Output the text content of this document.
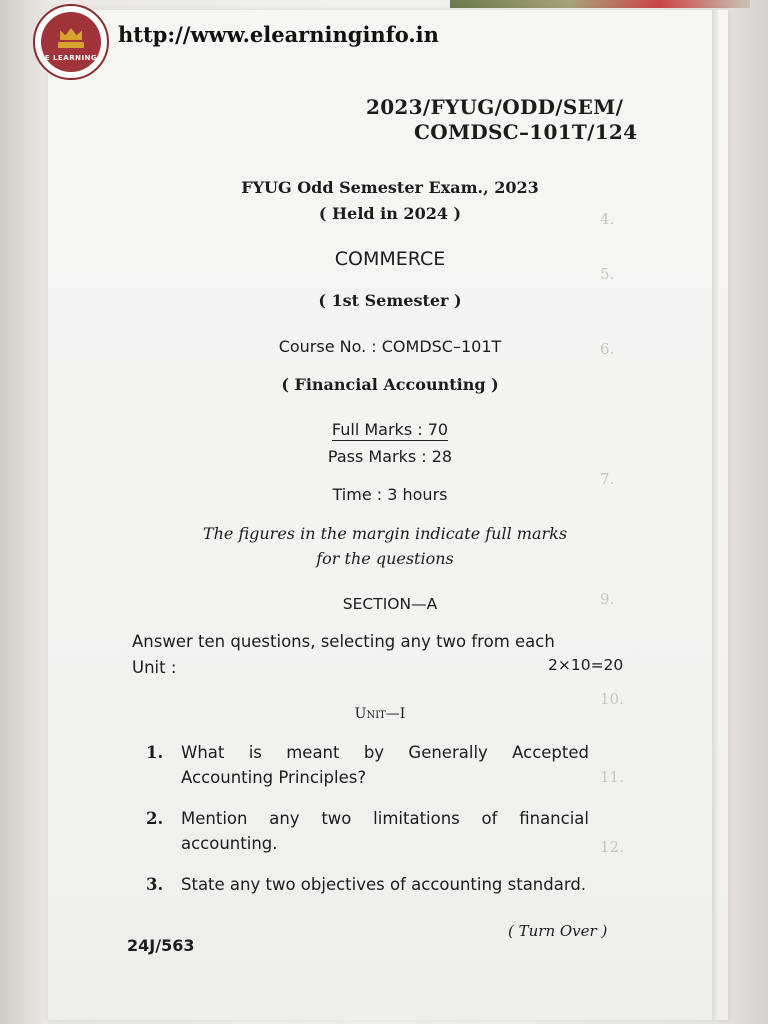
4.
5.
6.
7.
9.
10.
11.
12.
E LEARNING
http://www.elearninginfo.in
2023/FYUG/ODD/SEM/
COMDSC–101T/124
FYUG Odd Semester Exam., 2023
( Held in 2024 )
COMMERCE
( 1st Semester )
Course No. : COMDSC–101T
( Financial Accounting )
Full Marks : 70
Pass Marks : 28
Time : 3 hours
The figures in the margin indicate full marks
for the questions
SECTION—A
Answer ten questions, selecting any two from each
Unit :	2×10=20
Unit—I
1. What is meant by Generally Accepted Accounting Principles?
2. Mention any two limitations of financial accounting.
3. State any two objectives of accounting standard.
24J/563
( Turn Over )
